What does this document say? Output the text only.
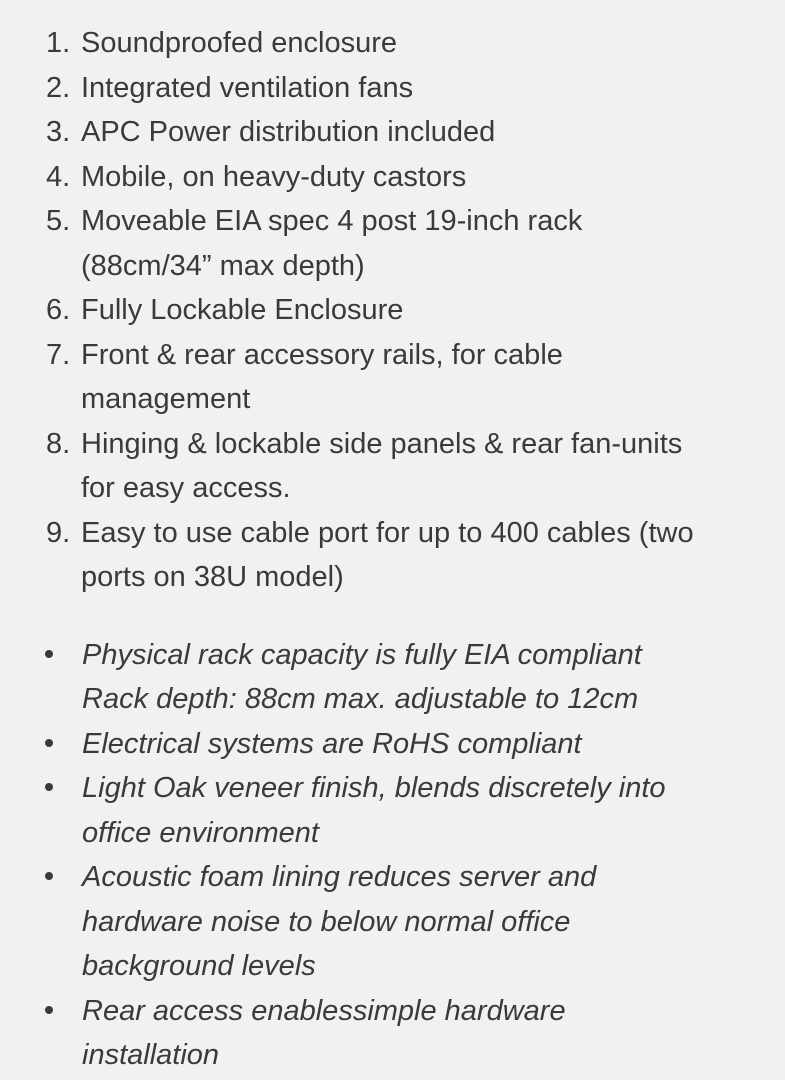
1. Soundproofed enclosure
2. Integrated ventilation fans
3. APC Power distribution included
4. Mobile, on heavy-duty castors
5. Moveable EIA spec 4 post 19-inch rack
(88cm/34” max depth)
6. Fully Lockable Enclosure
7. Front & rear accessory rails, for cable
management
8. Hinging & lockable side panels & rear fan-units
for easy access.
9. Easy to use cable port for up to 400 cables (two
ports on 38U model)
Physical rack capacity is fully EIA compliant
Rack depth: 88cm max. adjustable to 12cm
Electrical systems are RoHS compliant
Light Oak veneer finish, blends discretely into
office environment
Acoustic foam lining reduces server and
hardware noise to below normal office
background levels
Rear access enablessimple hardware
installation
